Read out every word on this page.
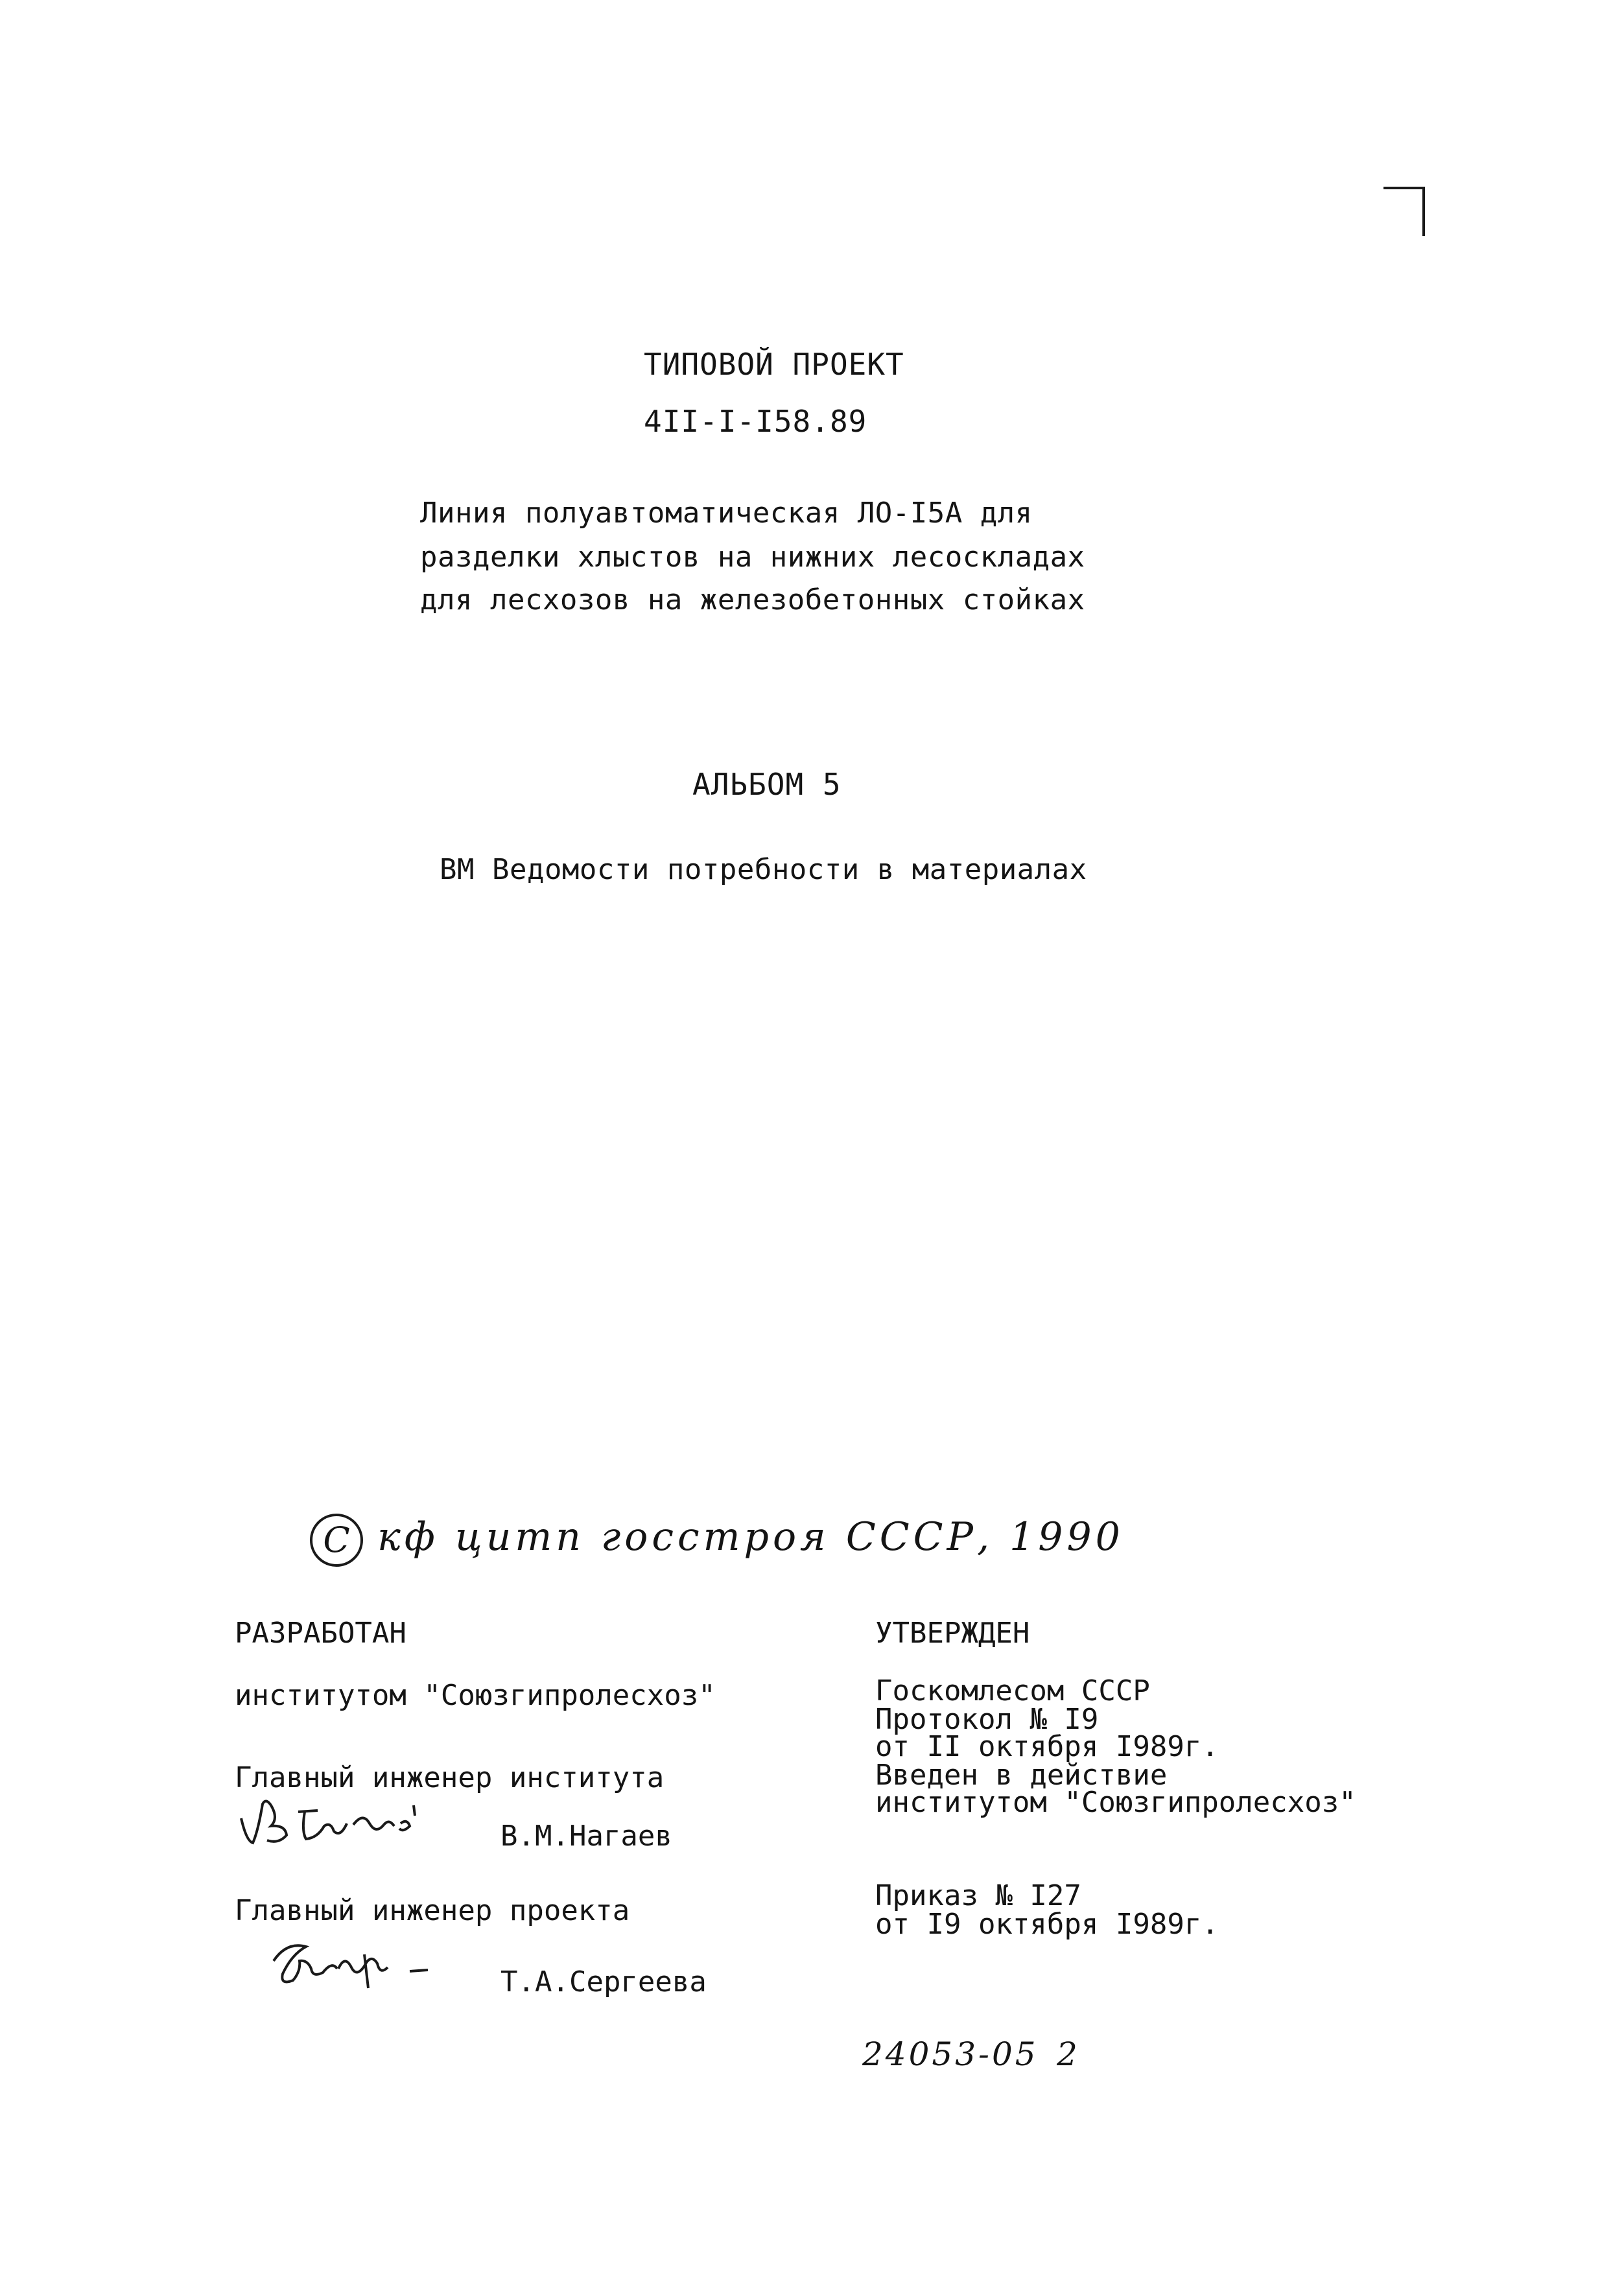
ТИПОВОЙ ПРОЕКТ
4II-I-I58.89
Линия полуавтоматическая ЛО-I5А для
разделки хлыстов на нижних лесоскладах
для лесхозов на железобетонных стойках
АЛЬБОМ 5
ВМ Ведомости потребности в материалах
C кф цитп госстроя СССР, 1990
РАЗРАБОТАН
институтом "Союзгипролесхоз"
Главный инженер института
В.М.Нагаев
Главный инженер проекта
Т.А.Сергеева
УТВЕРЖДЕН
Госкомлесом СССР
Протокол № I9
от II октября I989г.
Введен в действие
институтом "Союзгипролесхоз"
Приказ № I27
от I9 октября I989г.
24053-05 2
